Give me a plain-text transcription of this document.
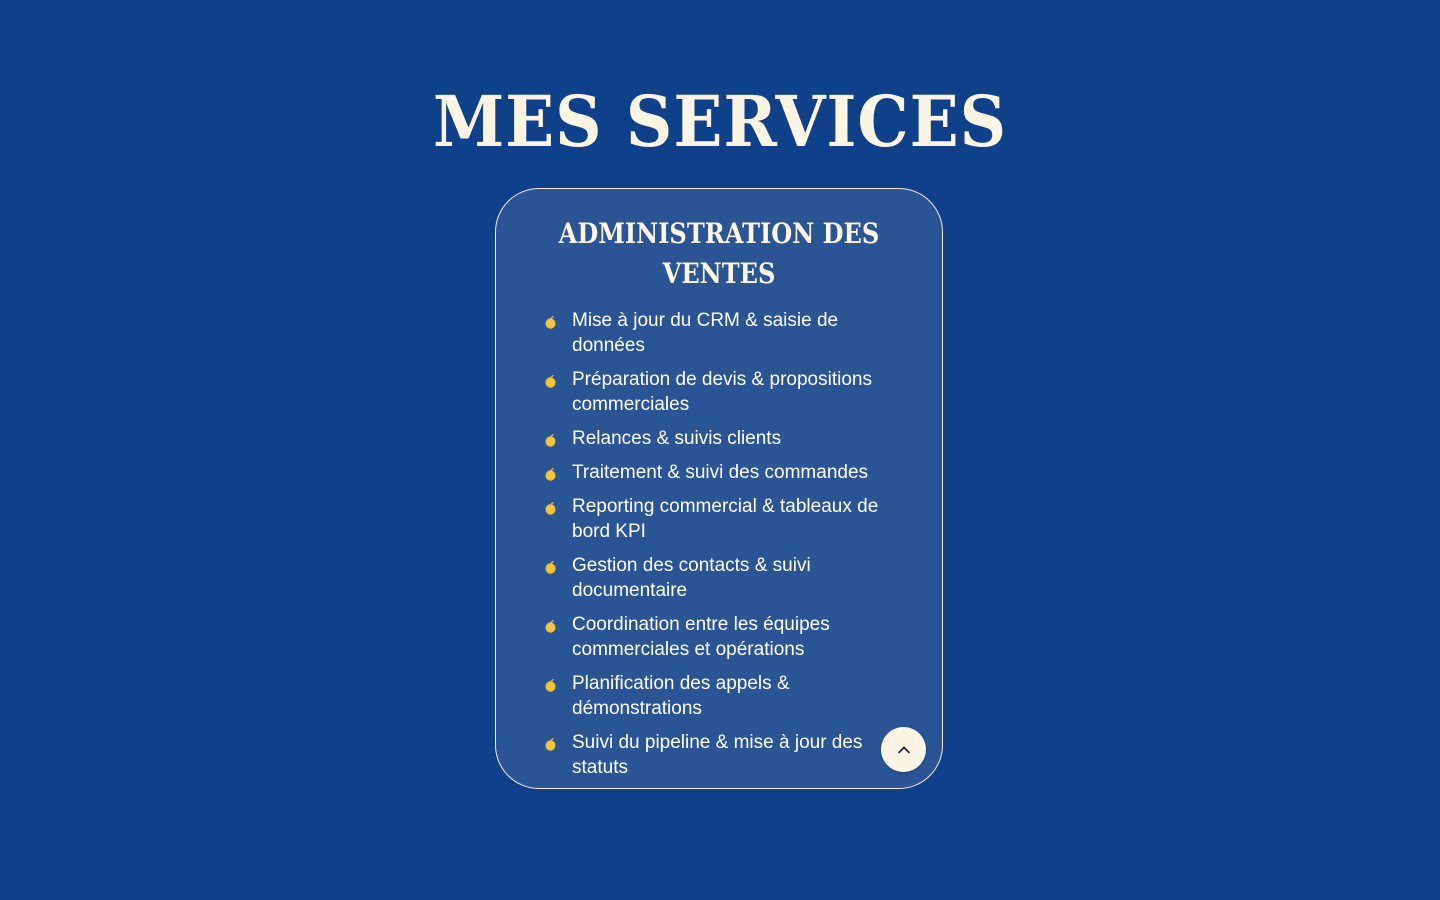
MES SERVICES
ADMINISTRATION DES
VENTES
Mise à jour du CRM & saisie de données
Préparation de devis & propositions commerciales
Relances & suivis clients
Traitement & suivi des commandes
Reporting commercial & tableaux de bord KPI
Gestion des contacts & suivi documentaire
Coordination entre les équipes commerciales et opérations
Planification des appels & démonstrations
Suivi du pipeline & mise à jour des statuts
